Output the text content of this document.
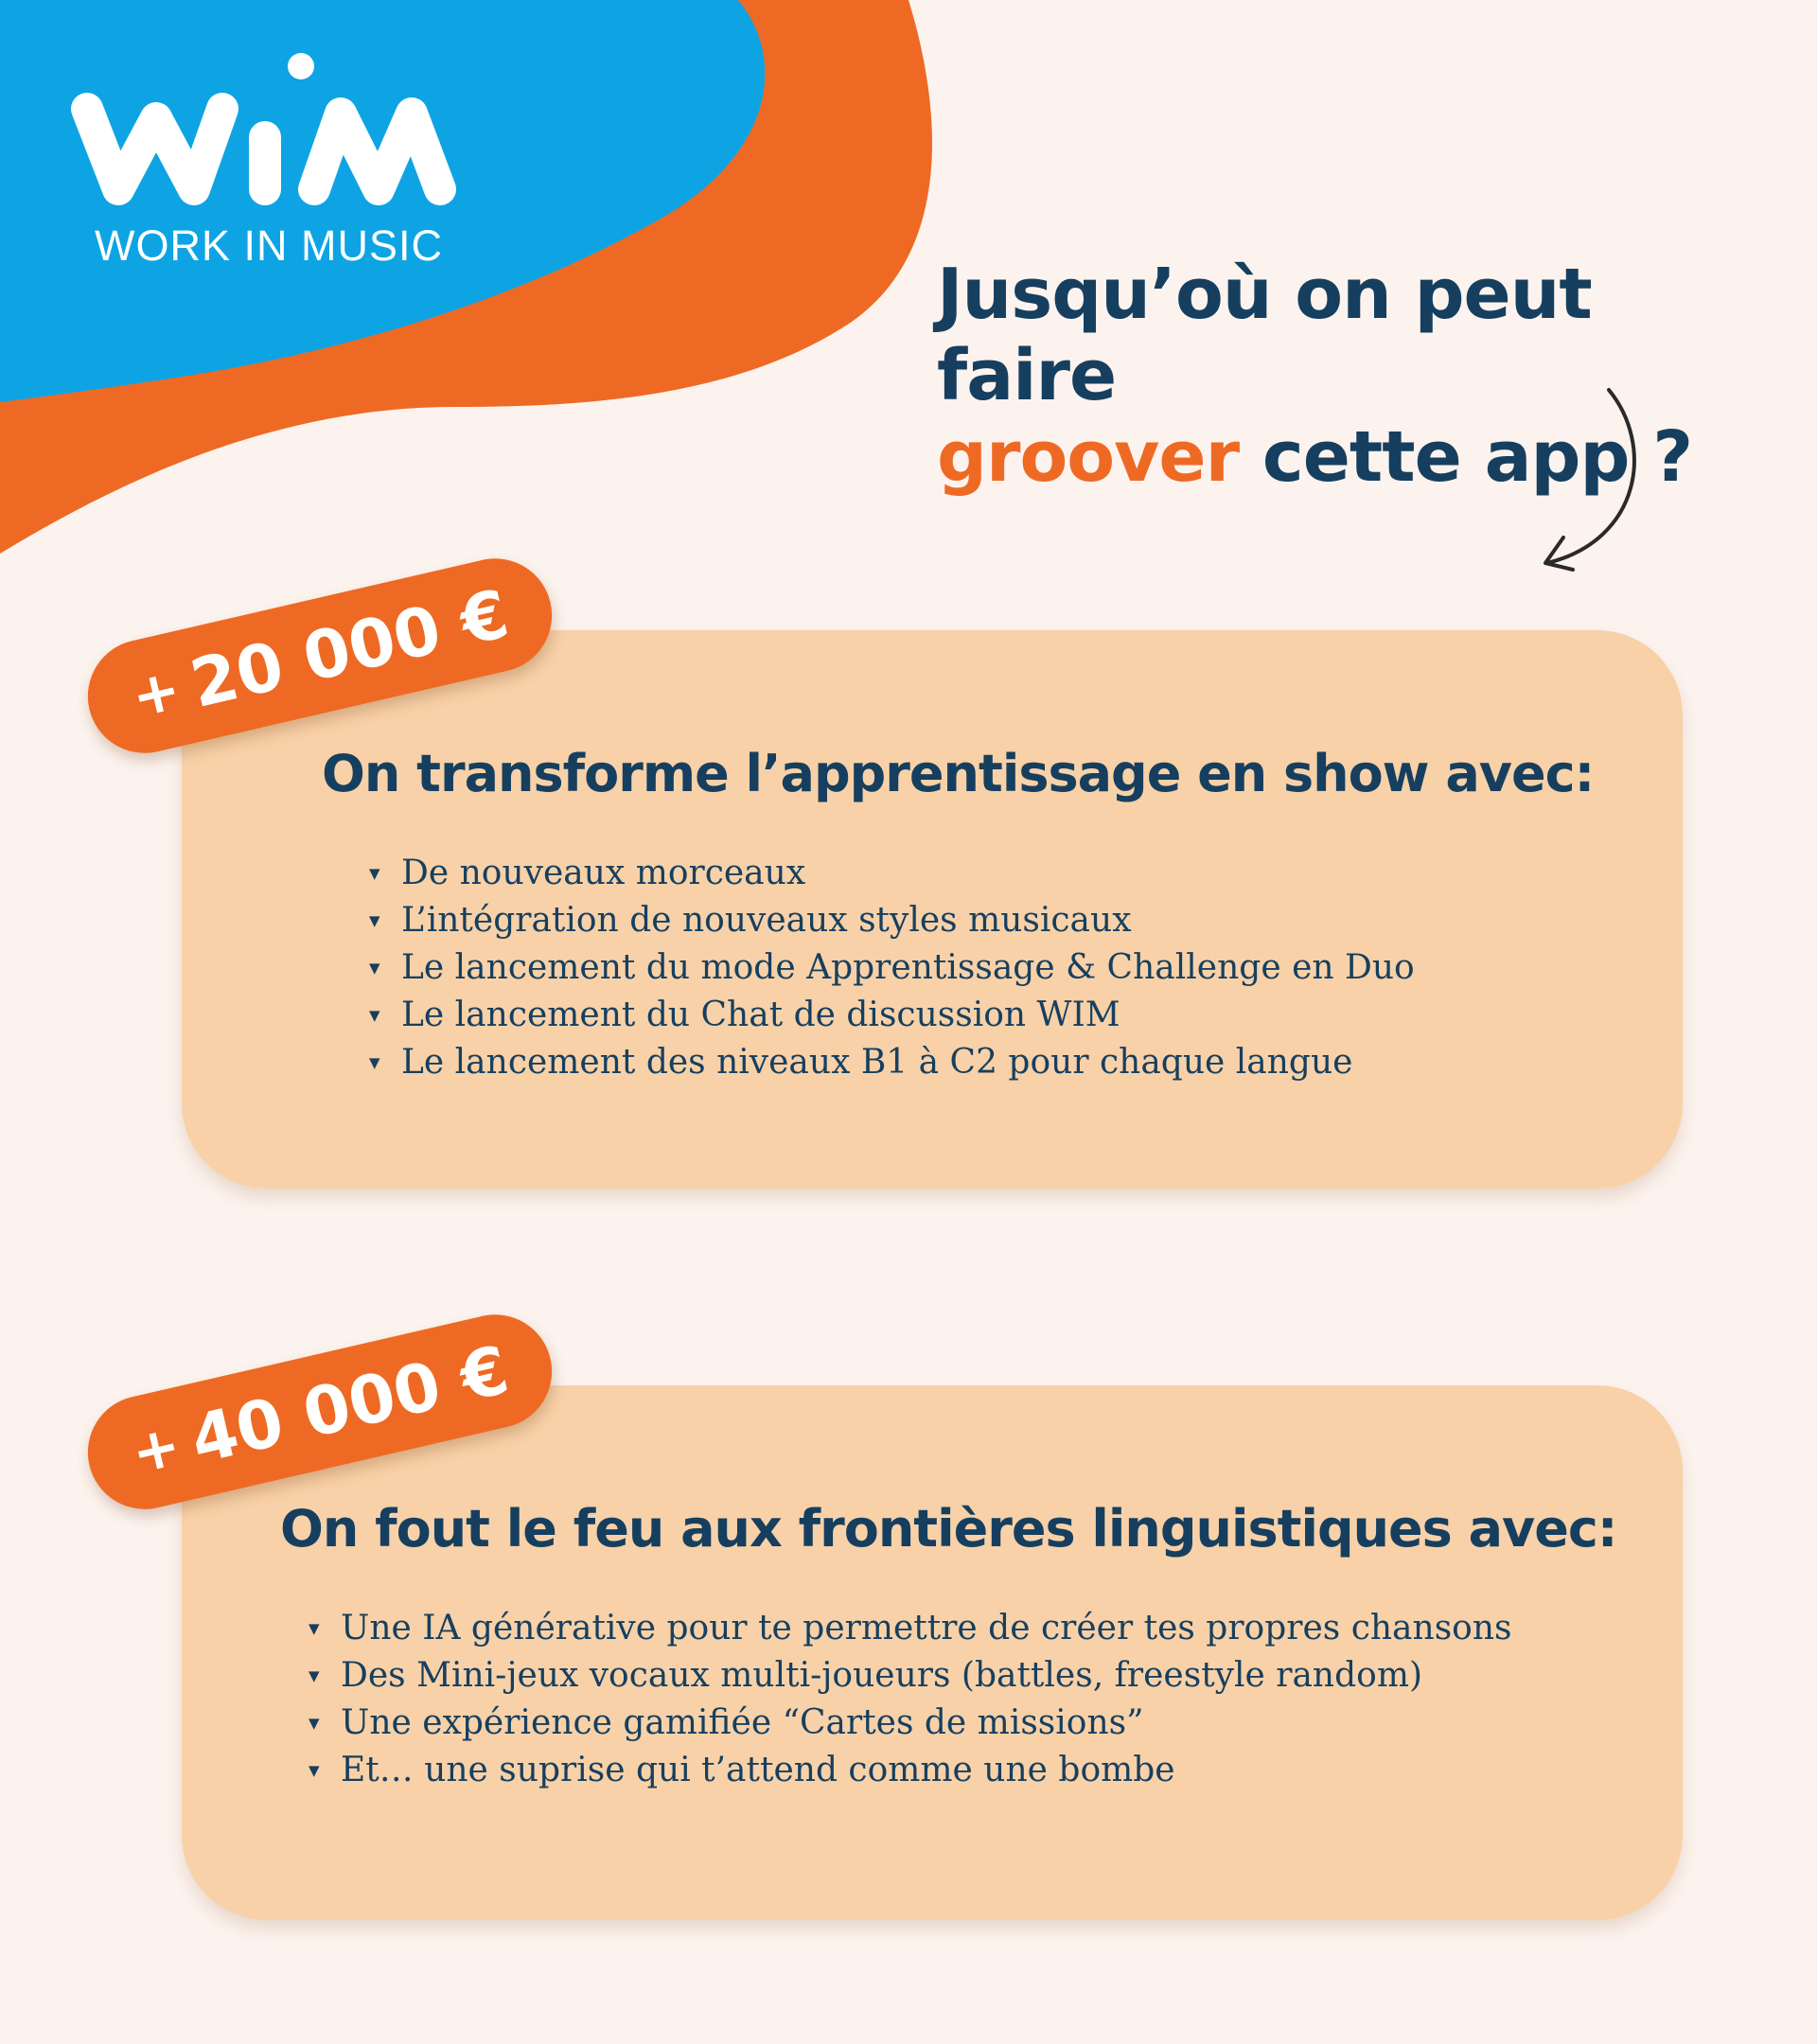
WORK IN MUSIC
Jusqu’où on peut faire
groover cette app ?
On transforme l’apprentissage en show avec:
▼ De nouveaux morceaux
▼ L’intégration de nouveaux styles musicaux
▼ Le lancement du mode Apprentissage & Challenge en Duo
▼ Le lancement du Chat de discussion WIM
▼ Le lancement des niveaux B1 à C2 pour chaque langue
+
20 000 €
On fout le feu aux frontières linguistiques avec:
▼ Une IA générative pour te permettre de créer tes propres chansons
▼ Des Mini-jeux vocaux multi-joueurs (battles, freestyle random)
▼ Une expérience gamifiée “Cartes de missions”
▼ Et… une suprise qui t’attend comme une bombe
+
40 000 €
